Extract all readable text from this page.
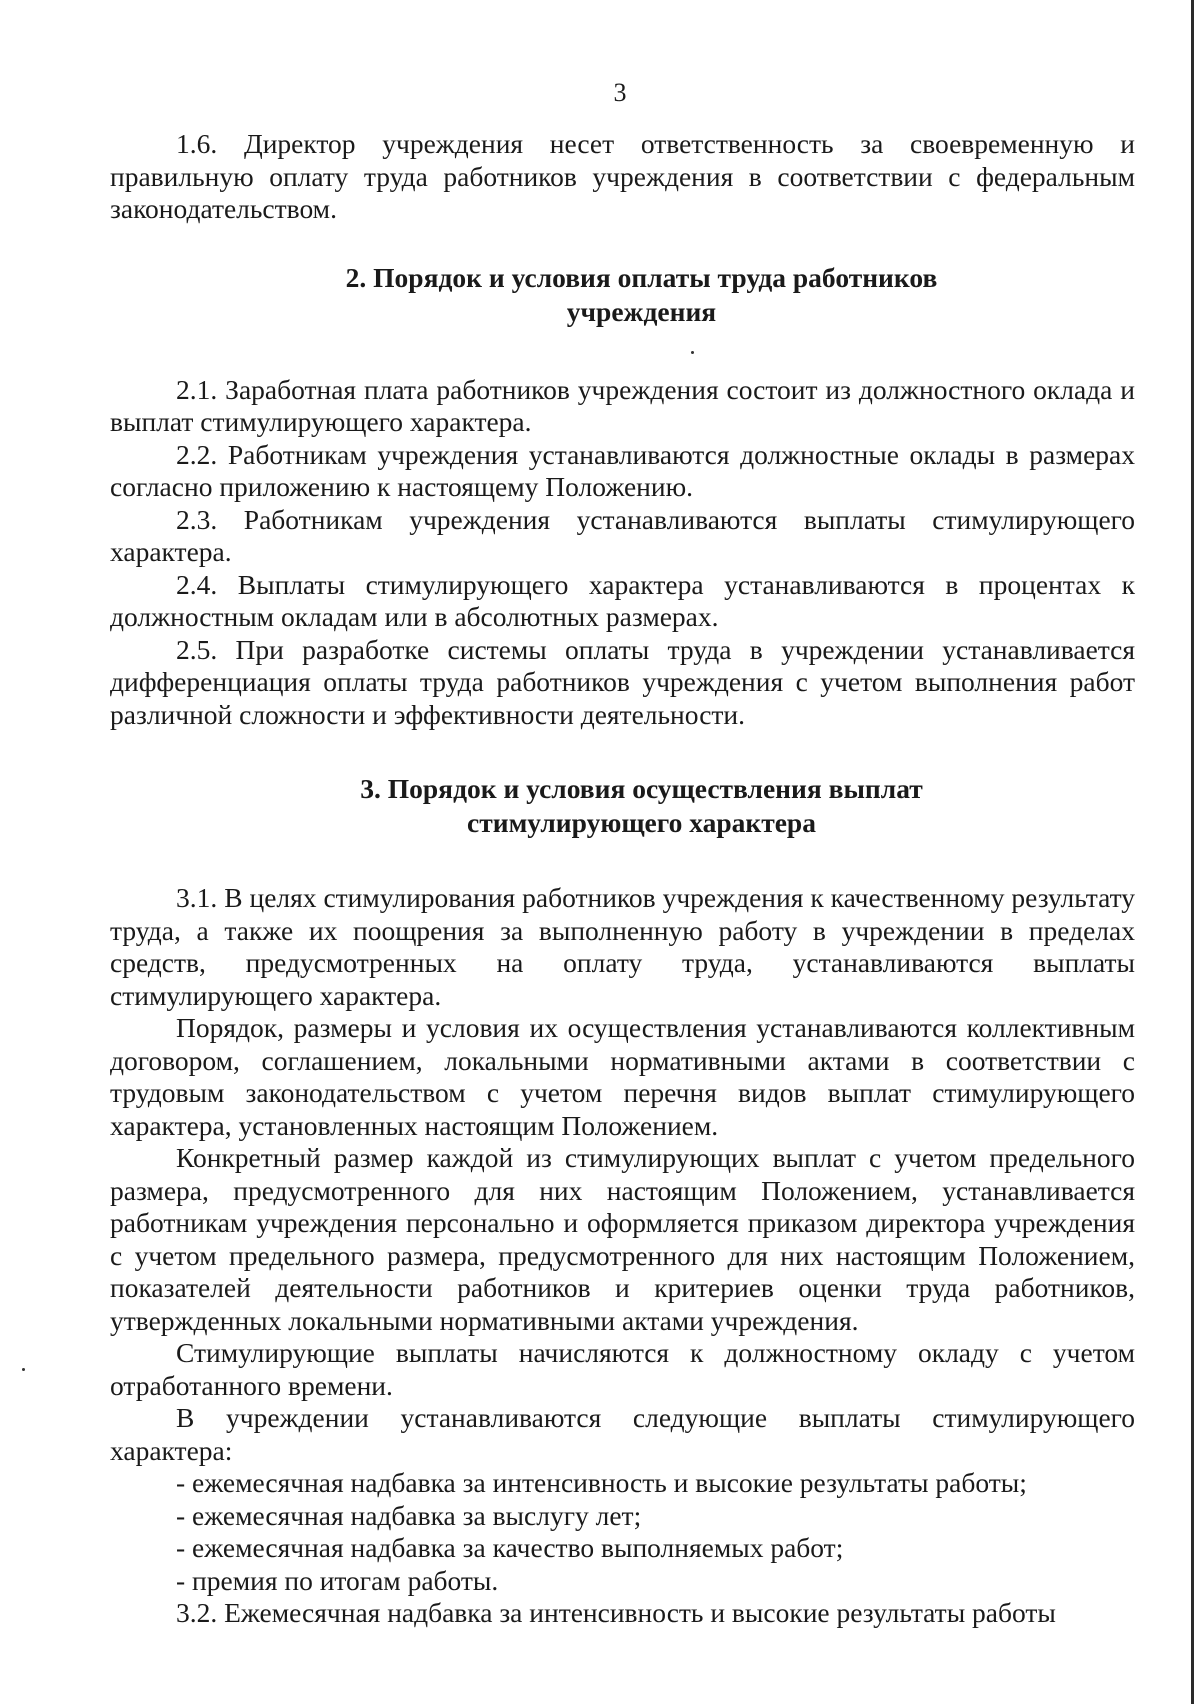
3

1.6. Директор учреждения несет ответственность за своевременную и правильную оплату труда работников учреждения в соответствии с федеральным законодательством.

2. Порядок и условия оплаты труда работников
учреждения

2.1. Заработная плата работников учреждения состоит из должностного оклада и выплат стимулирующего характера.

2.2. Работникам учреждения устанавливаются должностные оклады в размерах согласно приложению к настоящему Положению.

2.3. Работникам учреждения устанавливаются выплаты стимулирующего характера.

2.4. Выплаты стимулирующего характера устанавливаются в процентах к должностным окладам или в абсолютных размерах.

2.5. При разработке системы оплаты труда в учреждении устанавливается дифференциация оплаты труда работников учреждения с учетом выполнения работ различной сложности и эффективности деятельности.

3. Порядок и условия осуществления выплат
стимулирующего характера

3.1. В целях стимулирования работников учреждения к качественному результату труда, а также их поощрения за выполненную работу в учреждении в пределах средств, предусмотренных на оплату труда, устанавливаются выплаты стимулирующего характера.

Порядок, размеры и условия их осуществления устанавливаются коллективным договором, соглашением, локальными нормативными актами в соответствии с трудовым законодательством с учетом перечня видов выплат стимулирующего характера, установленных настоящим Положением.

Конкретный размер каждой из стимулирующих выплат с учетом предельного размера, предусмотренного для них настоящим Положением, устанавливается работникам учреждения персонально и оформляется приказом директора учреждения с учетом предельного размера, предусмотренного для них настоящим Положением, показателей деятельности работников и критериев оценки труда работников, утвержденных локальными нормативными актами учреждения.

Стимулирующие выплаты начисляются к должностному окладу с учетом отработанного времени.

В учреждении устанавливаются следующие выплаты стимулирующего характера:

- ежемесячная надбавка за интенсивность и высокие результаты работы;
- ежемесячная надбавка за выслугу лет;
- ежемесячная надбавка за качество выполняемых работ;
- премия по итогам работы.

3.2. Ежемесячная надбавка за интенсивность и высокие результаты работы
